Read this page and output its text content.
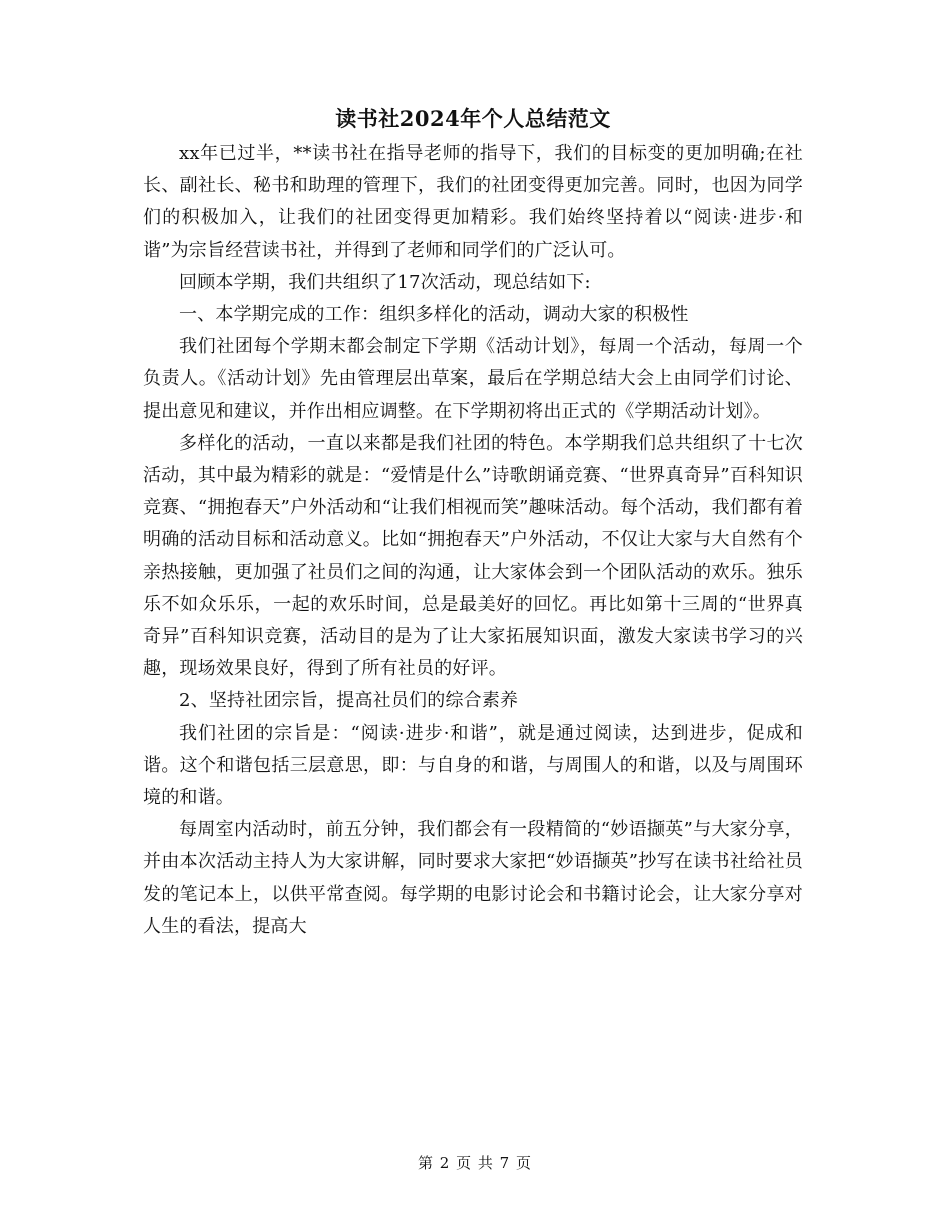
读书社2024年个人总结范文

xx年已过半，**读书社在指导老师的指导下，我们的目标变的更加明确;在社长、副社长、秘书和助理的管理下，我们的社团变得更加完善。同时，也因为同学们的积极加入，让我们的社团变得更加精彩。我们始终坚持着以“阅读·进步·和谐”为宗旨经营读书社，并得到了老师和同学们的广泛认可。

回顾本学期，我们共组织了17次活动，现总结如下:

一、本学期完成的工作：组织多样化的活动，调动大家的积极性

我们社团每个学期末都会制定下学期《活动计划》，每周一个活动，每周一个负责人。《活动计划》先由管理层出草案，最后在学期总结大会上由同学们讨论、提出意见和建议，并作出相应调整。在下学期初将出正式的《学期活动计划》。

多样化的活动，一直以来都是我们社团的特色。本学期我们总共组织了十七次活动，其中最为精彩的就是：“爱情是什么”诗歌朗诵竞赛、“世界真奇异”百科知识竞赛、“拥抱春天”户外活动和“让我们相视而笑”趣味活动。每个活动，我们都有着明确的活动目标和活动意义。比如“拥抱春天”户外活动，不仅让大家与大自然有个亲热接触，更加强了社员们之间的沟通，让大家体会到一个团队活动的欢乐。独乐乐不如众乐乐，一起的欢乐时间，总是最美好的回忆。再比如第十三周的“世界真奇异”百科知识竞赛，活动目的是为了让大家拓展知识面，激发大家读书学习的兴趣，现场效果良好，得到了所有社员的好评。

2、坚持社团宗旨，提高社员们的综合素养

我们社团的宗旨是：“阅读·进步·和谐”，就是通过阅读，达到进步，促成和谐。这个和谐包括三层意思，即：与自身的和谐，与周围人的和谐，以及与周围环境的和谐。

每周室内活动时，前五分钟，我们都会有一段精简的“妙语撷英”与大家分享，并由本次活动主持人为大家讲解，同时要求大家把“妙语撷英”抄写在读书社给社员发的笔记本上，以供平常查阅。每学期的电影讨论会和书籍讨论会，让大家分享对人生的看法，提高大

第 2 页 共 7 页
